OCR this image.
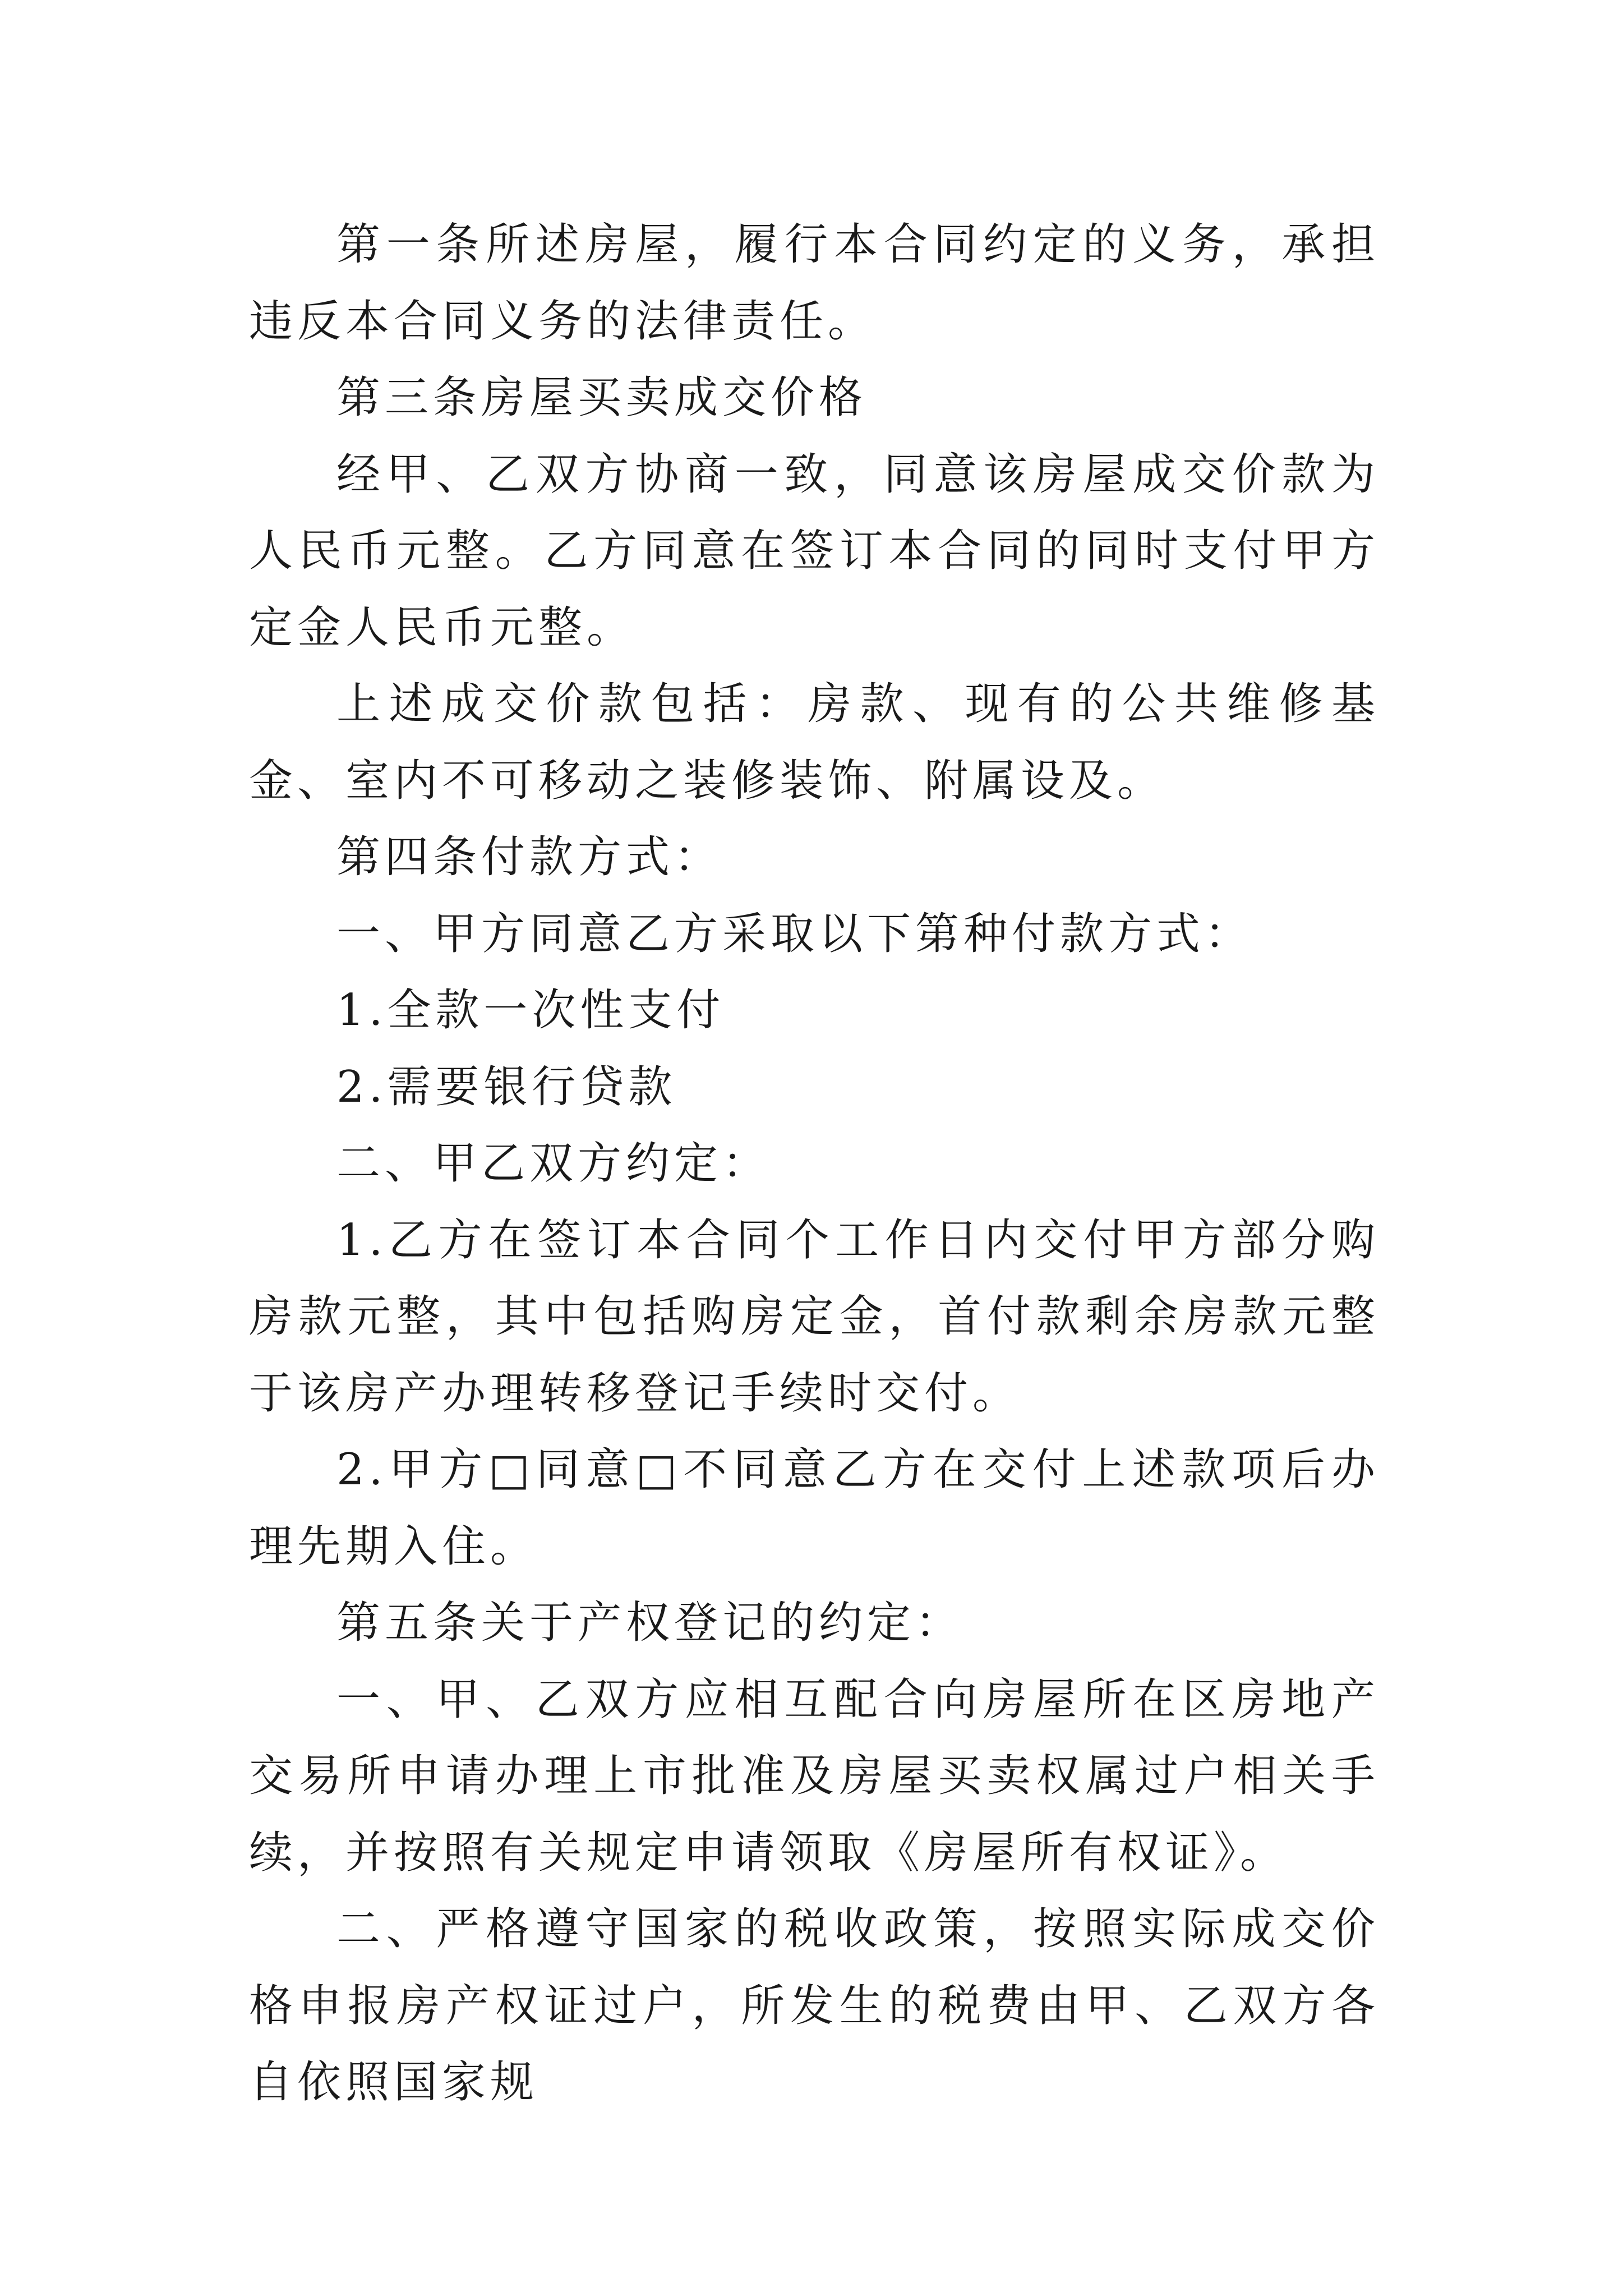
第一条所述房屋，履行本合同约定的义务，承担违反本合同义务的法律责任。

第三条房屋买卖成交价格

经甲、乙双方协商一致，同意该房屋成交价款为人民币元整。乙方同意在签订本合同的同时支付甲方定金人民币元整。

上述成交价款包括：房款、现有的公共维修基金、室内不可移动之装修装饰、附属设及。

第四条付款方式：

一、甲方同意乙方采取以下第种付款方式：

1.全款一次性支付

2.需要银行贷款

二、甲乙双方约定：

1.乙方在签订本合同个工作日内交付甲方部分购房款元整，其中包括购房定金，首付款剩余房款元整于该房产办理转移登记手续时交付。

2.甲方□同意□不同意乙方在交付上述款项后办理先期入住。

第五条关于产权登记的约定：

一、甲、乙双方应相互配合向房屋所在区房地产交易所申请办理上市批准及房屋买卖权属过户相关手续，并按照有关规定申请领取《房屋所有权证》。

二、严格遵守国家的税收政策，按照实际成交价格申报房产权证过户，所发生的税费由甲、乙双方各自依照国家规
